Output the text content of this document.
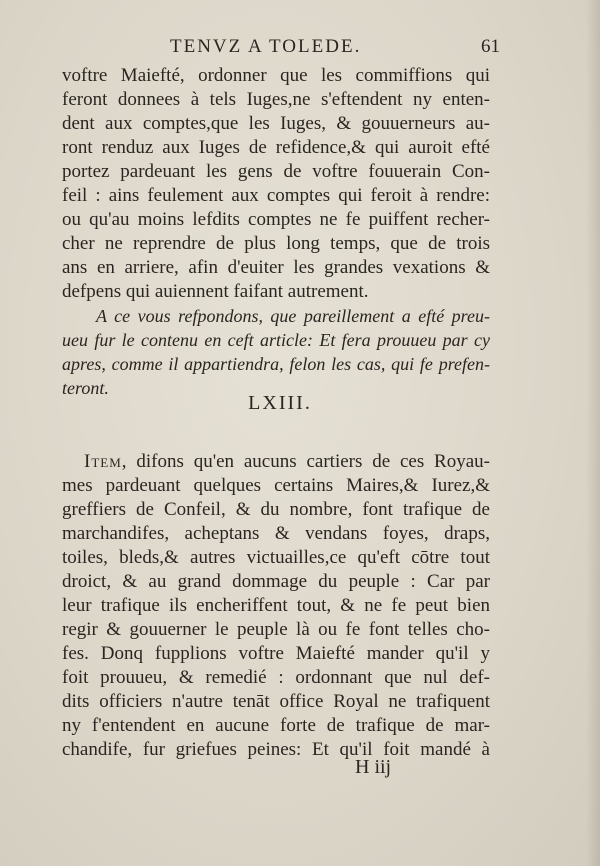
TENVZ A TOLEDE.	61
voftre Maiefté, ordonner que les commiffions qui
feront donnees à tels Iuges,ne s'eftendent ny enten-
dent aux comptes,que les Iuges, & gouuerneurs au-
ront renduz aux Iuges de refidence,& qui auroit efté
portez pardeuant les gens de voftre fouuerain Con-
feil : ains feulement aux comptes qui feroit à rendre:
ou qu'au moins lefdits comptes ne fe puiffent recher-
cher ne reprendre de plus long temps, que de trois
ans en arriere, afin d'euiter les grandes vexations &
defpens qui auiennent faifant autrement.
A ce vous refpondons, que pareillement a efté preu-
ueu fur le contenu en ceft article: Et fera prouueu par cy
apres, comme il appartiendra, felon les cas, qui fe prefen-
teront.
LXIII.
Item, difons qu'en aucuns cartiers de ces Royau-
mes pardeuant quelques certains Maires,& Iurez,&
greffiers de Confeil, & du nombre, font trafique de
marchandifes, acheptans & vendans foyes, draps,
toiles, bleds,& autres victuailles,ce qu'eft cōtre tout
droict, & au grand dommage du peuple : Car par
leur trafique ils encheriffent tout, & ne fe peut bien
regir & gouuerner le peuple là ou fe font telles cho-
fes. Donq fupplions voftre Maiefté mander qu'il y
foit prouueu, & remedié : ordonnant que nul def-
dits officiers n'autre tenāt office Royal ne trafiquent
ny f'entendent en aucune forte de trafique de mar-
chandife, fur griefues peines: Et qu'il foit mandé à
H iij
